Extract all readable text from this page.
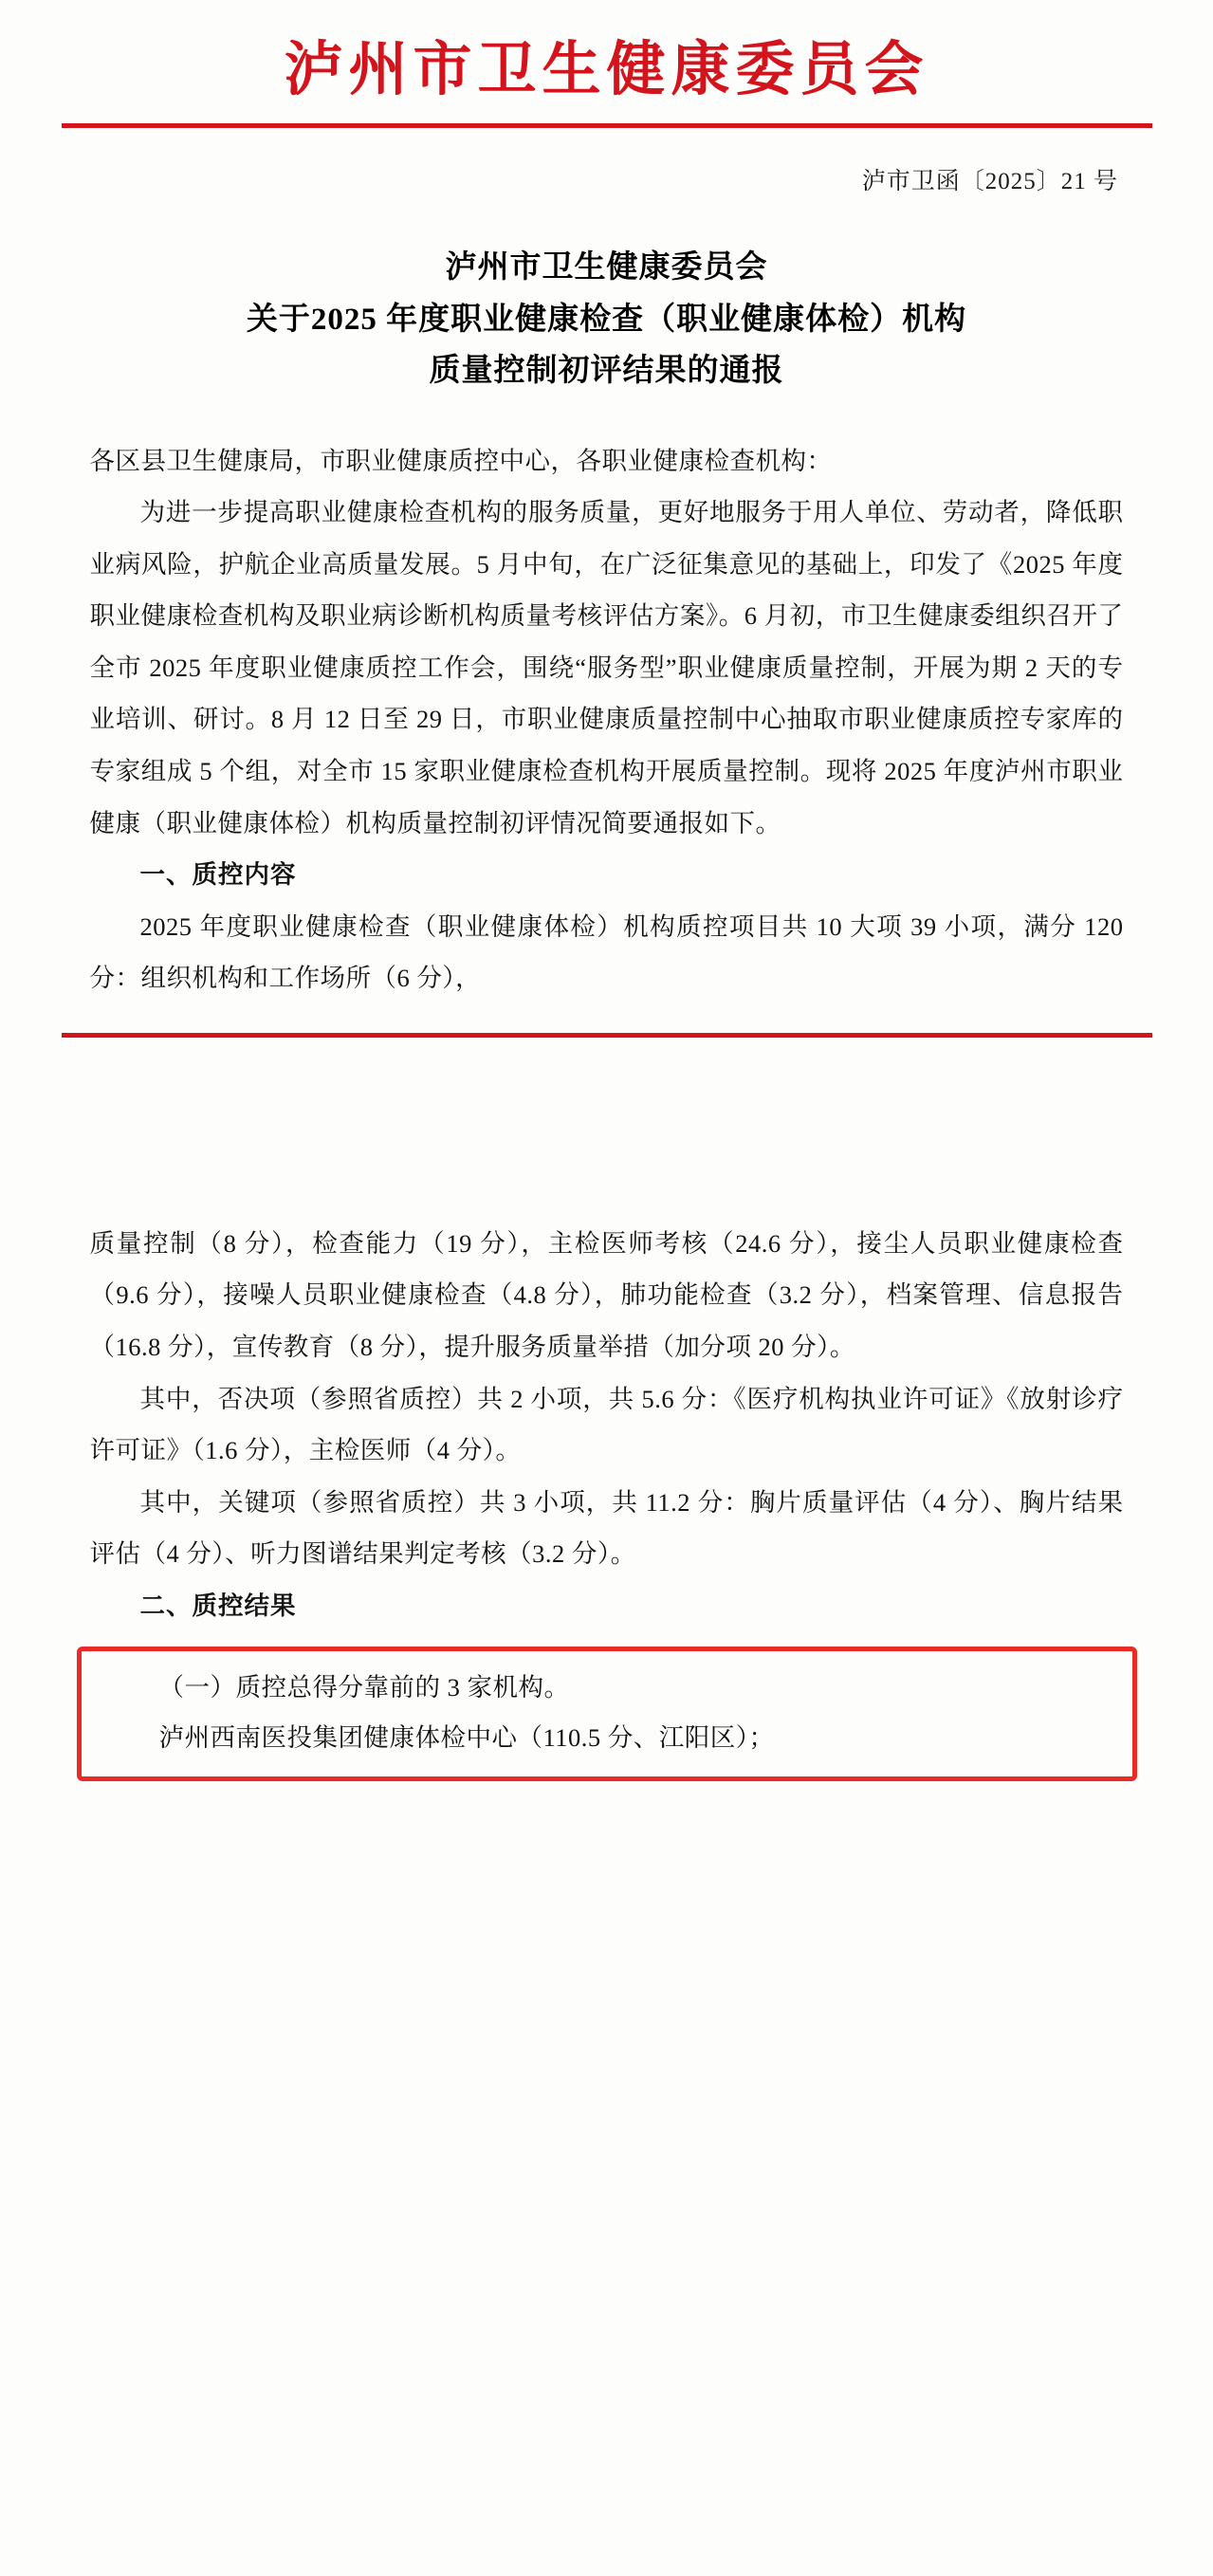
泸州市卫生健康委员会
泸市卫函〔2025〕21 号
泸州市卫生健康委员会
关于2025 年度职业健康检查（职业健康体检）机构
质量控制初评结果的通报

各区县卫生健康局，市职业健康质控中心，各职业健康检查机构：

为进一步提高职业健康检查机构的服务质量，更好地服务于用人单位、劳动者，降低职业病风险，护航企业高质量发展。5 月中旬，在广泛征集意见的基础上，印发了《2025 年度职业健康检查机构及职业病诊断机构质量考核评估方案》。6 月初，市卫生健康委组织召开了全市 2025 年度职业健康质控工作会，围绕“服务型”职业健康质量控制，开展为期 2 天的专业培训、研讨。8 月 12 日至 29 日，市职业健康质量控制中心抽取市职业健康质控专家库的专家组成 5 个组，对全市 15 家职业健康检查机构开展质量控制。现将 2025 年度泸州市职业健康（职业健康体检）机构质量控制初评情况简要通报如下。

一、质控内容

2025 年度职业健康检查（职业健康体检）机构质控项目共 10 大项 39 小项，满分 120 分：组织机构和工作场所（6 分），

质量控制（8 分），检查能力（19 分），主检医师考核（24.6 分），接尘人员职业健康检查（9.6 分），接噪人员职业健康检查（4.8 分），肺功能检查（3.2 分），档案管理、信息报告（16.8 分），宣传教育（8 分），提升服务质量举措（加分项 20 分）。

其中，否决项（参照省质控）共 2 小项，共 5.6 分：《医疗机构执业许可证》《放射诊疗许可证》（1.6 分），主检医师（4 分）。

其中，关键项（参照省质控）共 3 小项，共 11.2 分：胸片质量评估（4 分）、胸片结果评估（4 分）、听力图谱结果判定考核（3.2 分）。

二、质控结果

（一）质控总得分靠前的 3 家机构。

泸州西南医投集团健康体检中心（110.5 分、江阳区）；
